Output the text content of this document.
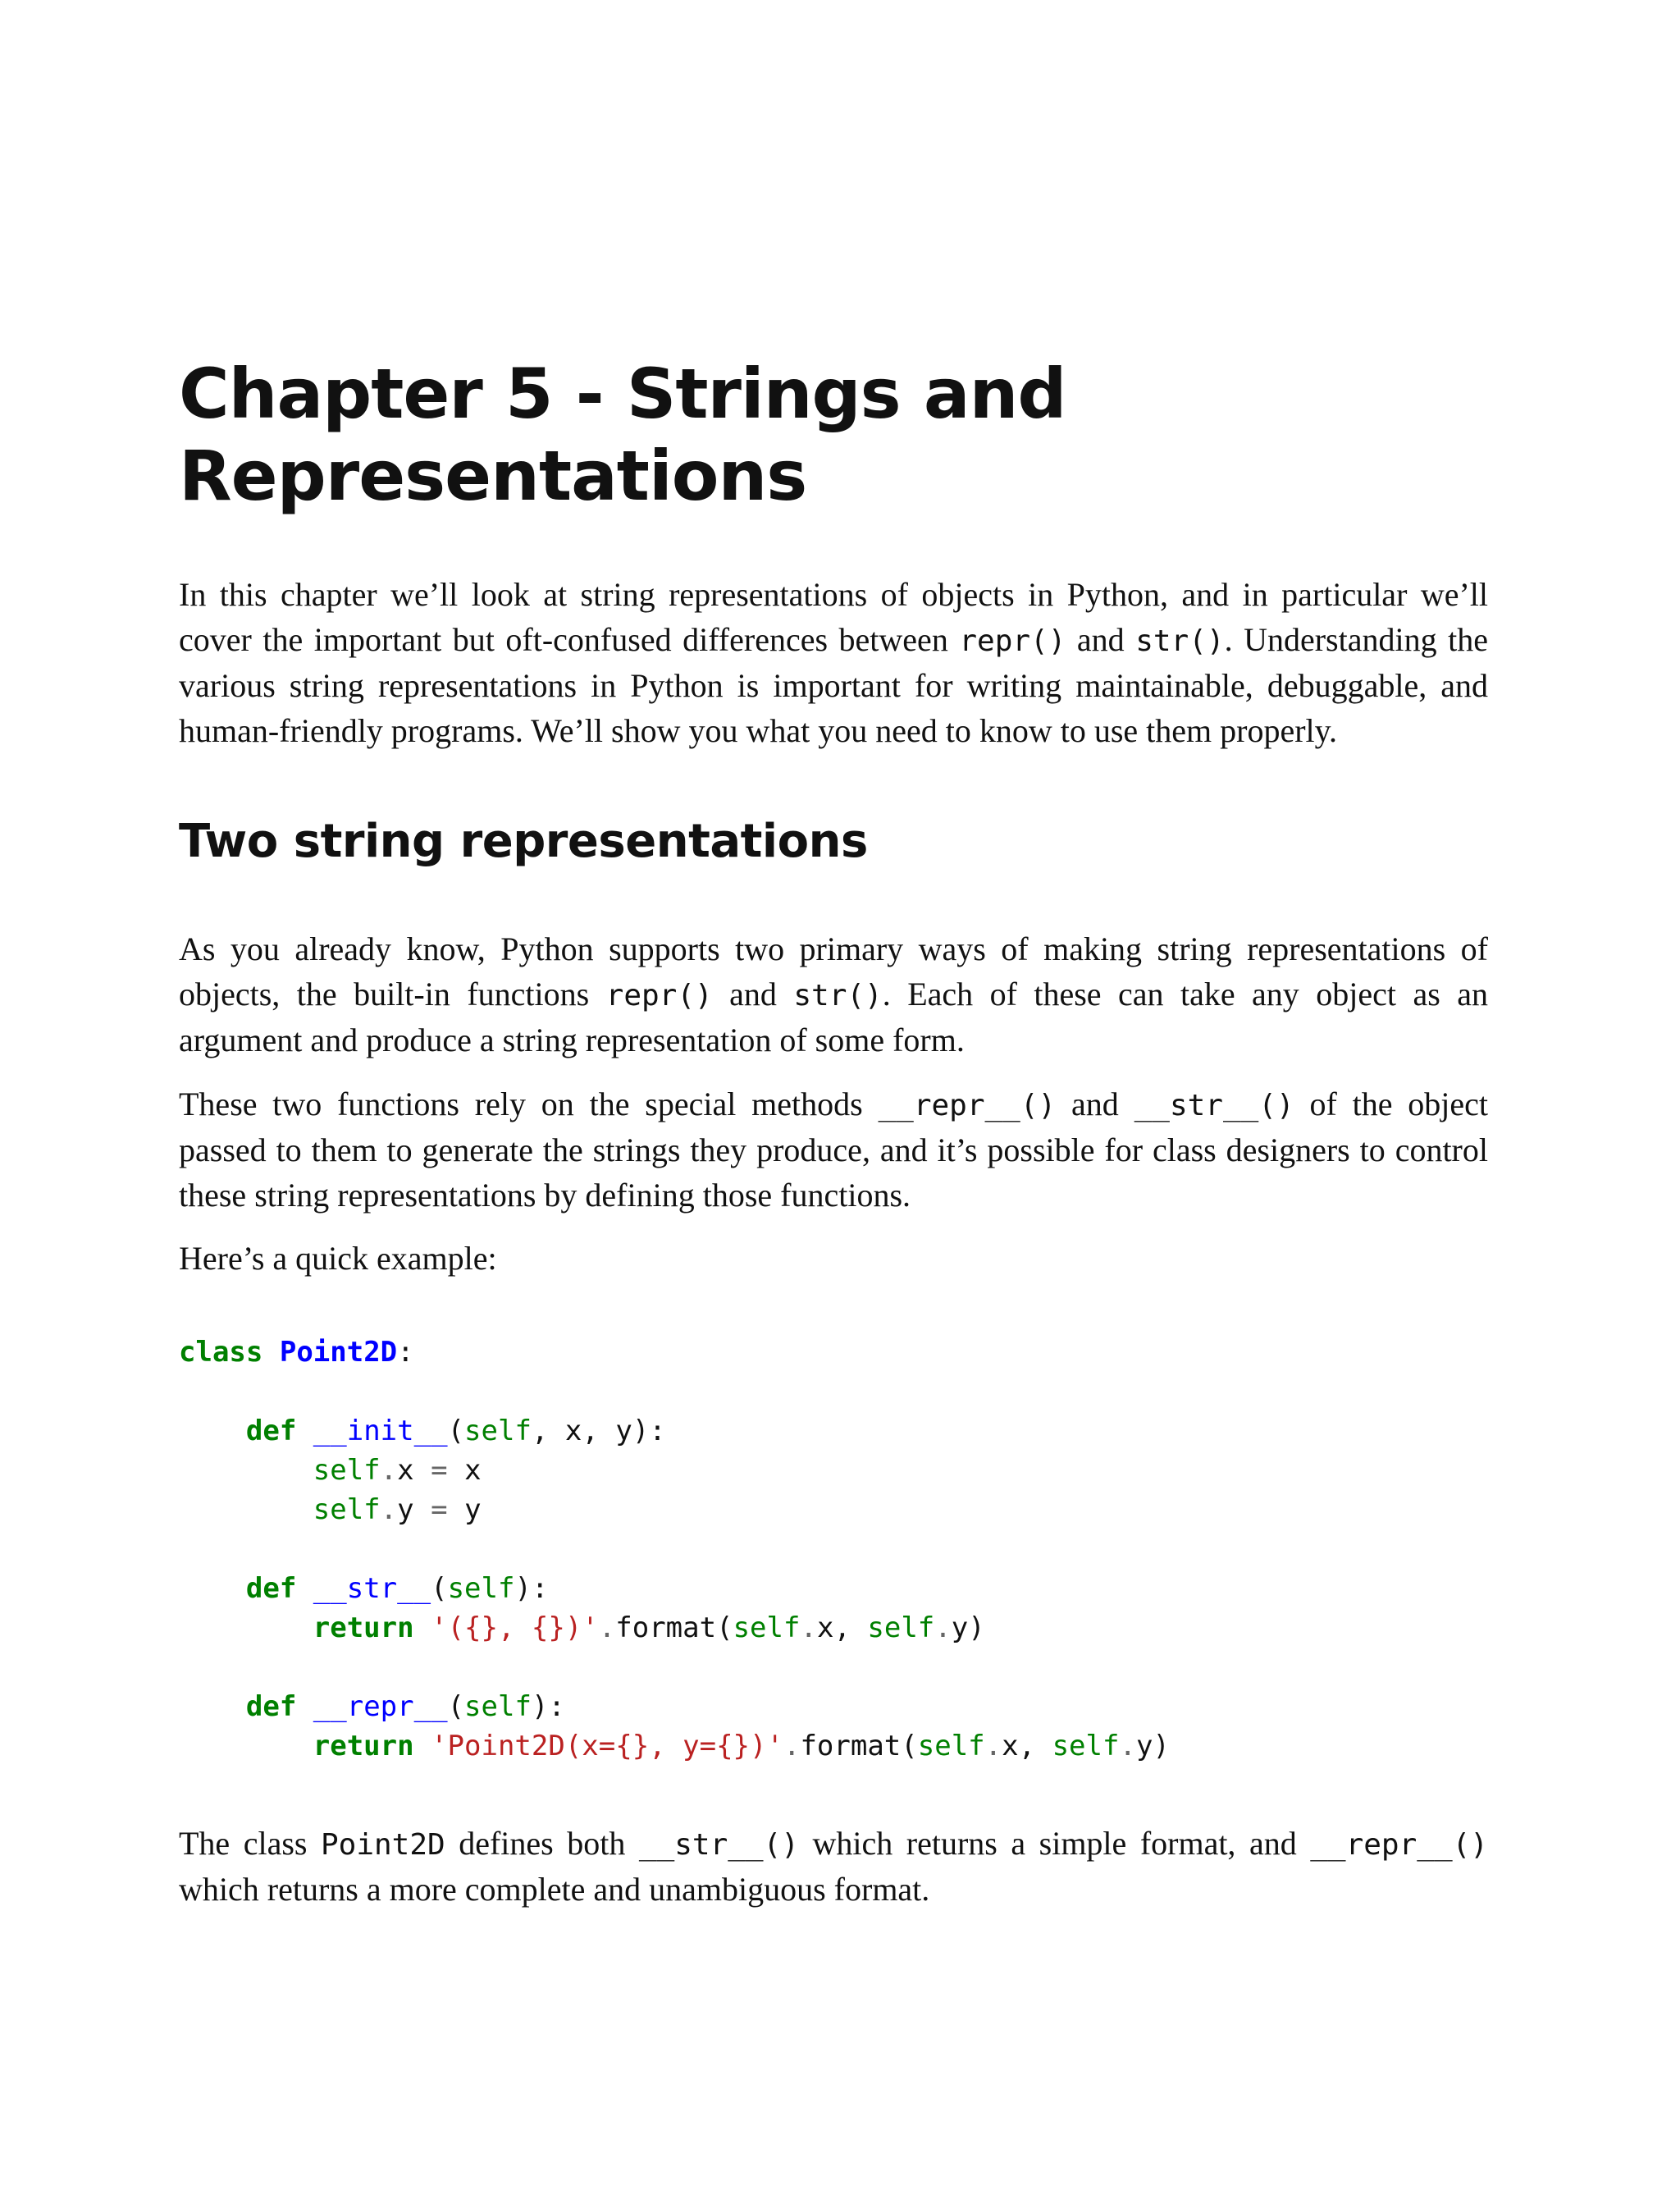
Chapter 5 - Strings and
Representations

In this chapter we’ll look at string representations of objects in Python, and in particular we’ll cover the important but oft-confused differences between repr() and str(). Understanding the various string representations in Python is important for writing maintainable, debuggable, and human-friendly programs. We’ll show you what you need to know to use them properly.

Two string representations

As you already know, Python supports two primary ways of making string representations of objects, the built-in functions repr() and str(). Each of these can take any object as an argument and produce a string representation of some form.

These two functions rely on the special methods __repr__() and __str__() of the object passed to them to generate the strings they produce, and it’s possible for class designers to control these string representations by defining those functions.

Here’s a quick example:

class Point2D:

def __init__(self, x, y):
self.x = x
self.y = y

def __str__(self):
return '({}, {})'.format(self.x, self.y)

def __repr__(self):
return 'Point2D(x={}, y={})'.format(self.x, self.y)

The class Point2D defines both __str__() which returns a simple format, and __repr__() which returns a more complete and unambiguous format.
